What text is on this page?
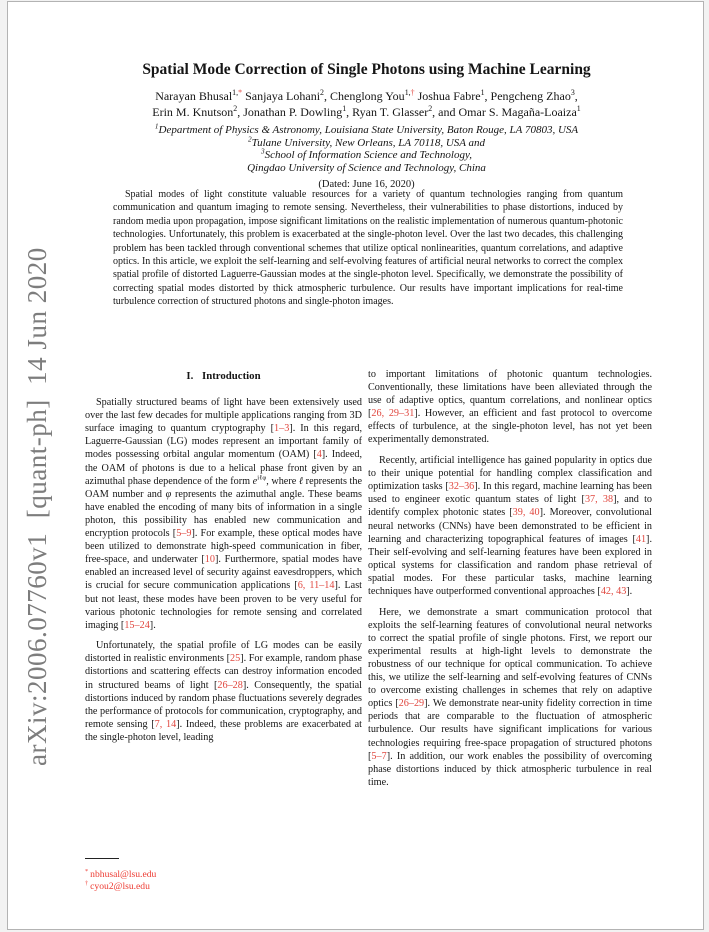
arXiv:2006.07760v1  [quant-ph]  14 Jun 2020
Spatial Mode Correction of Single Photons using Machine Learning
Narayan Bhusal$^{1,*}$ Sanjaya Lohani$^2$, Chenglong You$^{1,\dagger}$ Joshua Fabre$^1$, Pengcheng Zhao$^3$,
Erin M. Knutson$^2$, Jonathan P. Dowling$^1$, Ryan T. Glasser$^2$, and Omar S. Magaña-Loaiza$^1$
$^1$Department of Physics & Astronomy, Louisiana State University, Baton Rouge, LA 70803, USA
$^2$Tulane University, New Orleans, LA 70118, USA and
$^3$School of Information Science and Technology,
Qingdao University of Science and Technology, China
(Dated: June 16, 2020)
Spatial modes of light constitute valuable resources for a variety of quantum technologies ranging from quantum communication and quantum imaging to remote sensing. Nevertheless, their vulnerabilities to phase distortions, induced by random media upon propagation, impose significant limitations on the realistic implementation of numerous quantum-photonic technologies. Unfortunately, this problem is exacerbated at the single-photon level. Over the last two decades, this challenging problem has been tackled through conventional schemes that utilize optical nonlinearities, quantum correlations, and adaptive optics. In this article, we exploit the self-learning and self-evolving features of artificial neural networks to correct the complex spatial profile of distorted Laguerre-Gaussian modes at the single-photon level. Specifically, we demonstrate the possibility of correcting spatial modes distorted by thick atmospheric turbulence. Our results have important implications for real-time turbulence correction of structured photons and single-photon images.
I. Introduction

Spatially structured beams of light have been extensively used over the last few decades for multiple applications ranging from 3D surface imaging to quantum cryptography [1–3]. In this regard, Laguerre-Gaussian (LG) modes represent an important family of modes possessing orbital angular momentum (OAM) [4]. Indeed, the OAM of photons is due to a helical phase front given by an azimuthal phase dependence of the form $e^{i\ell\varphi}$, where ℓ represents the OAM number and φ represents the azimuthal angle. These beams have enabled the encoding of many bits of information in a single photon, this possibility has enabled new communication and encryption protocols [5–9]. For example, these optical modes have been utilized to demonstrate high-speed communication in fiber, free-space, and underwater [10]. Furthermore, spatial modes have enabled an increased level of security against eavesdroppers, which is crucial for secure communication applications [6, 11–14]. Last but not least, these modes have been proven to be very useful for various photonic technologies for remote sensing and correlated imaging [15–24].

Unfortunately, the spatial profile of LG modes can be easily distorted in realistic environments [25]. For example, random phase distortions and scattering effects can destroy information encoded in structured beams of light [26–28]. Consequently, the spatial distortions induced by random phase fluctuations severely degrades the performance of protocols for communication, cryptography, and remote sensing [7, 14]. Indeed, these problems are exacerbated at the single-photon level, leading

to important limitations of photonic quantum technologies. Conventionally, these limitations have been alleviated through the use of adaptive optics, quantum correlations, and nonlinear optics [26, 29–31]. However, an efficient and fast protocol to overcome effects of turbulence, at the single-photon level, has not yet been experimentally demonstrated.

Recently, artificial intelligence has gained popularity in optics due to their unique potential for handling complex classification and optimization tasks [32–36]. In this regard, machine learning has been used to engineer exotic quantum states of light [37, 38], and to identify complex photonic states [39, 40]. Moreover, convolutional neural networks (CNNs) have been demonstrated to be efficient in learning and characterizing topographical features of images [41]. Their self-evolving and self-learning features have been explored in optical systems for classification and random phase retrieval of spatial modes. For these particular tasks, machine learning techniques have outperformed conventional approaches [42, 43].

Here, we demonstrate a smart communication protocol that exploits the self-learning features of convolutional neural networks to correct the spatial profile of single photons. First, we report our experimental results at high-light levels to demonstrate the robustness of our technique for optical communication. To achieve this, we utilize the self-learning and self-evolving features of CNNs to overcome existing challenges in schemes that rely on adaptive optics [26–29]. We demonstrate near-unity fidelity correction in time periods that are comparable to the fluctuation of atmospheric turbulence. Our results have significant implications for various technologies requiring free-space propagation of structured photons [5–7]. In addition, our work enables the possibility of overcoming phase distortions induced by thick atmospheric turbulence in real time.

* nbhusal@lsu.edu
† cyou2@lsu.edu
